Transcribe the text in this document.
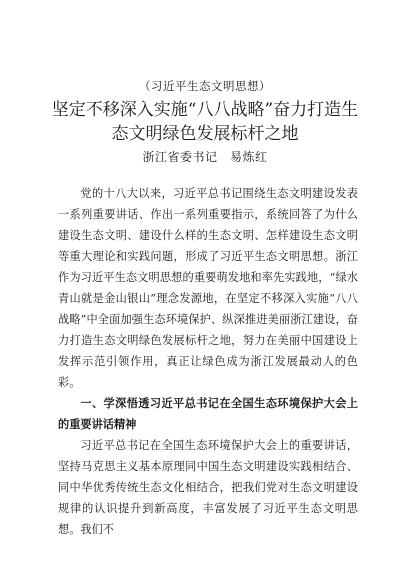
（习近平生态文明思想）
坚定不移深入实施“八八战略”奋力打造生态文明绿色发展标杆之地
浙江省委书记　易炼红

党的十八大以来，习近平总书记围绕生态文明建设发表一系列重要讲话、作出一系列重要指示，系统回答了为什么建设生态文明、建设什么样的生态文明、怎样建设生态文明等重大理论和实践问题，形成了习近平生态文明思想。浙江作为习近平生态文明思想的重要萌发地和率先实践地，“绿水青山就是金山银山”理念发源地，在坚定不移深入实施“八八战略”中全面加强生态环境保护、纵深推进美丽浙江建设，奋力打造生态文明绿色发展标杆之地，努力在美丽中国建设上发挥示范引领作用，真正让绿色成为浙江发展最动人的色彩。

一、学深悟透习近平总书记在全国生态环境保护大会上的重要讲话精神

习近平总书记在全国生态环境保护大会上的重要讲话，坚持马克思主义基本原理同中国生态文明建设实践相结合、同中华优秀传统生态文化相结合，把我们党对生态文明建设规律的认识提升到新高度，丰富发展了习近平生态文明思想。我们不
